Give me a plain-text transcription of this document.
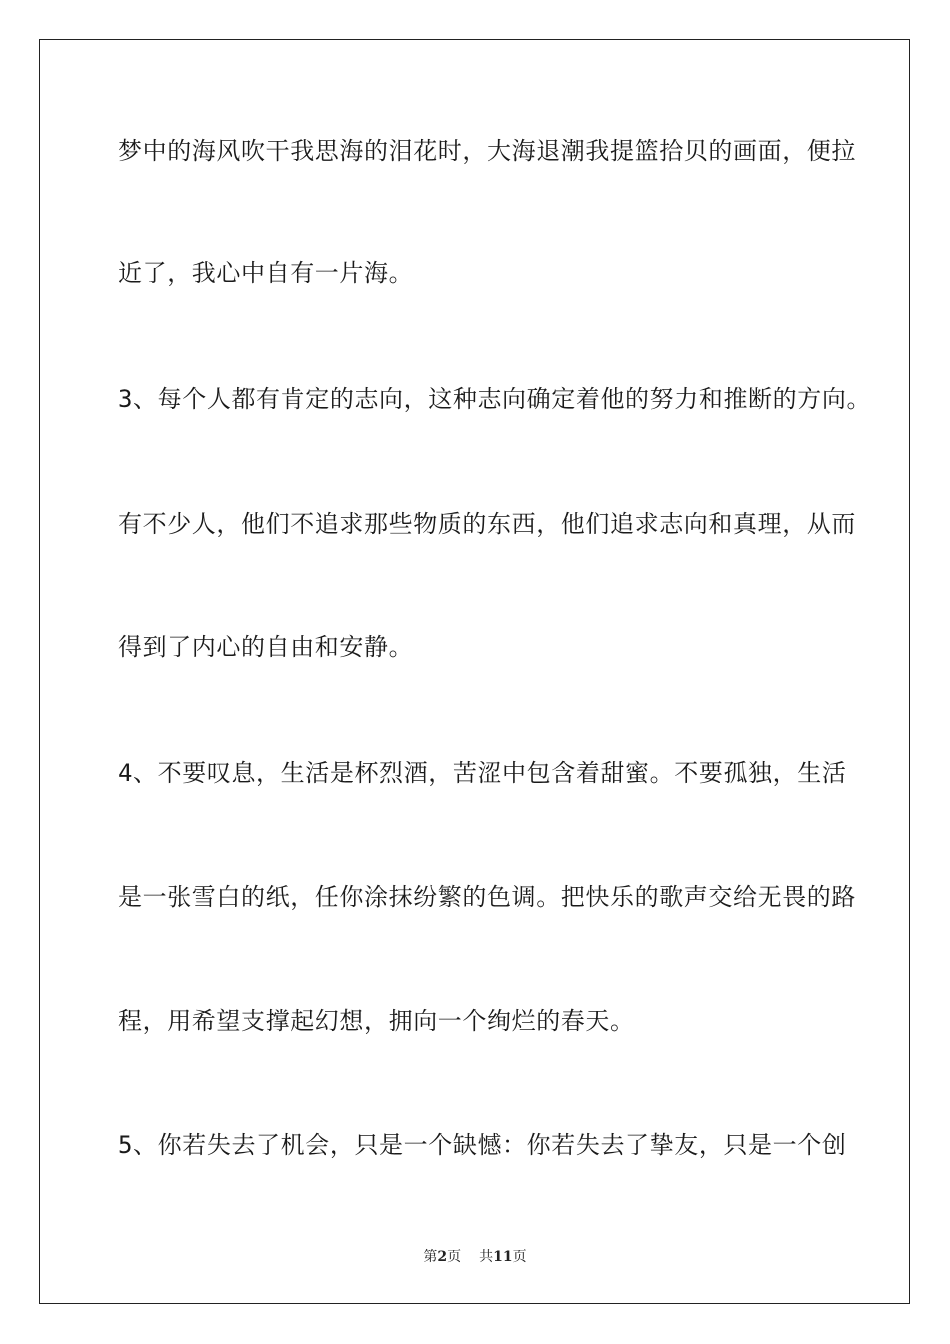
梦中的海风吹干我思海的泪花时，大海退潮我提篮拾贝的画面，便拉

近了，我心中自有一片海。

3、每个人都有肯定的志向，这种志向确定着他的努力和推断的方向。

有不少人，他们不追求那些物质的东西，他们追求志向和真理，从而

得到了内心的自由和安静。

4、不要叹息，生活是杯烈酒，苦涩中包含着甜蜜。不要孤独，生活

是一张雪白的纸，任你涂抹纷繁的色调。把快乐的歌声交给无畏的路

程，用希望支撑起幻想，拥向一个绚烂的春天。

5、你若失去了机会，只是一个缺憾：你若失去了挚友，只是一个创

第2页 共11页
